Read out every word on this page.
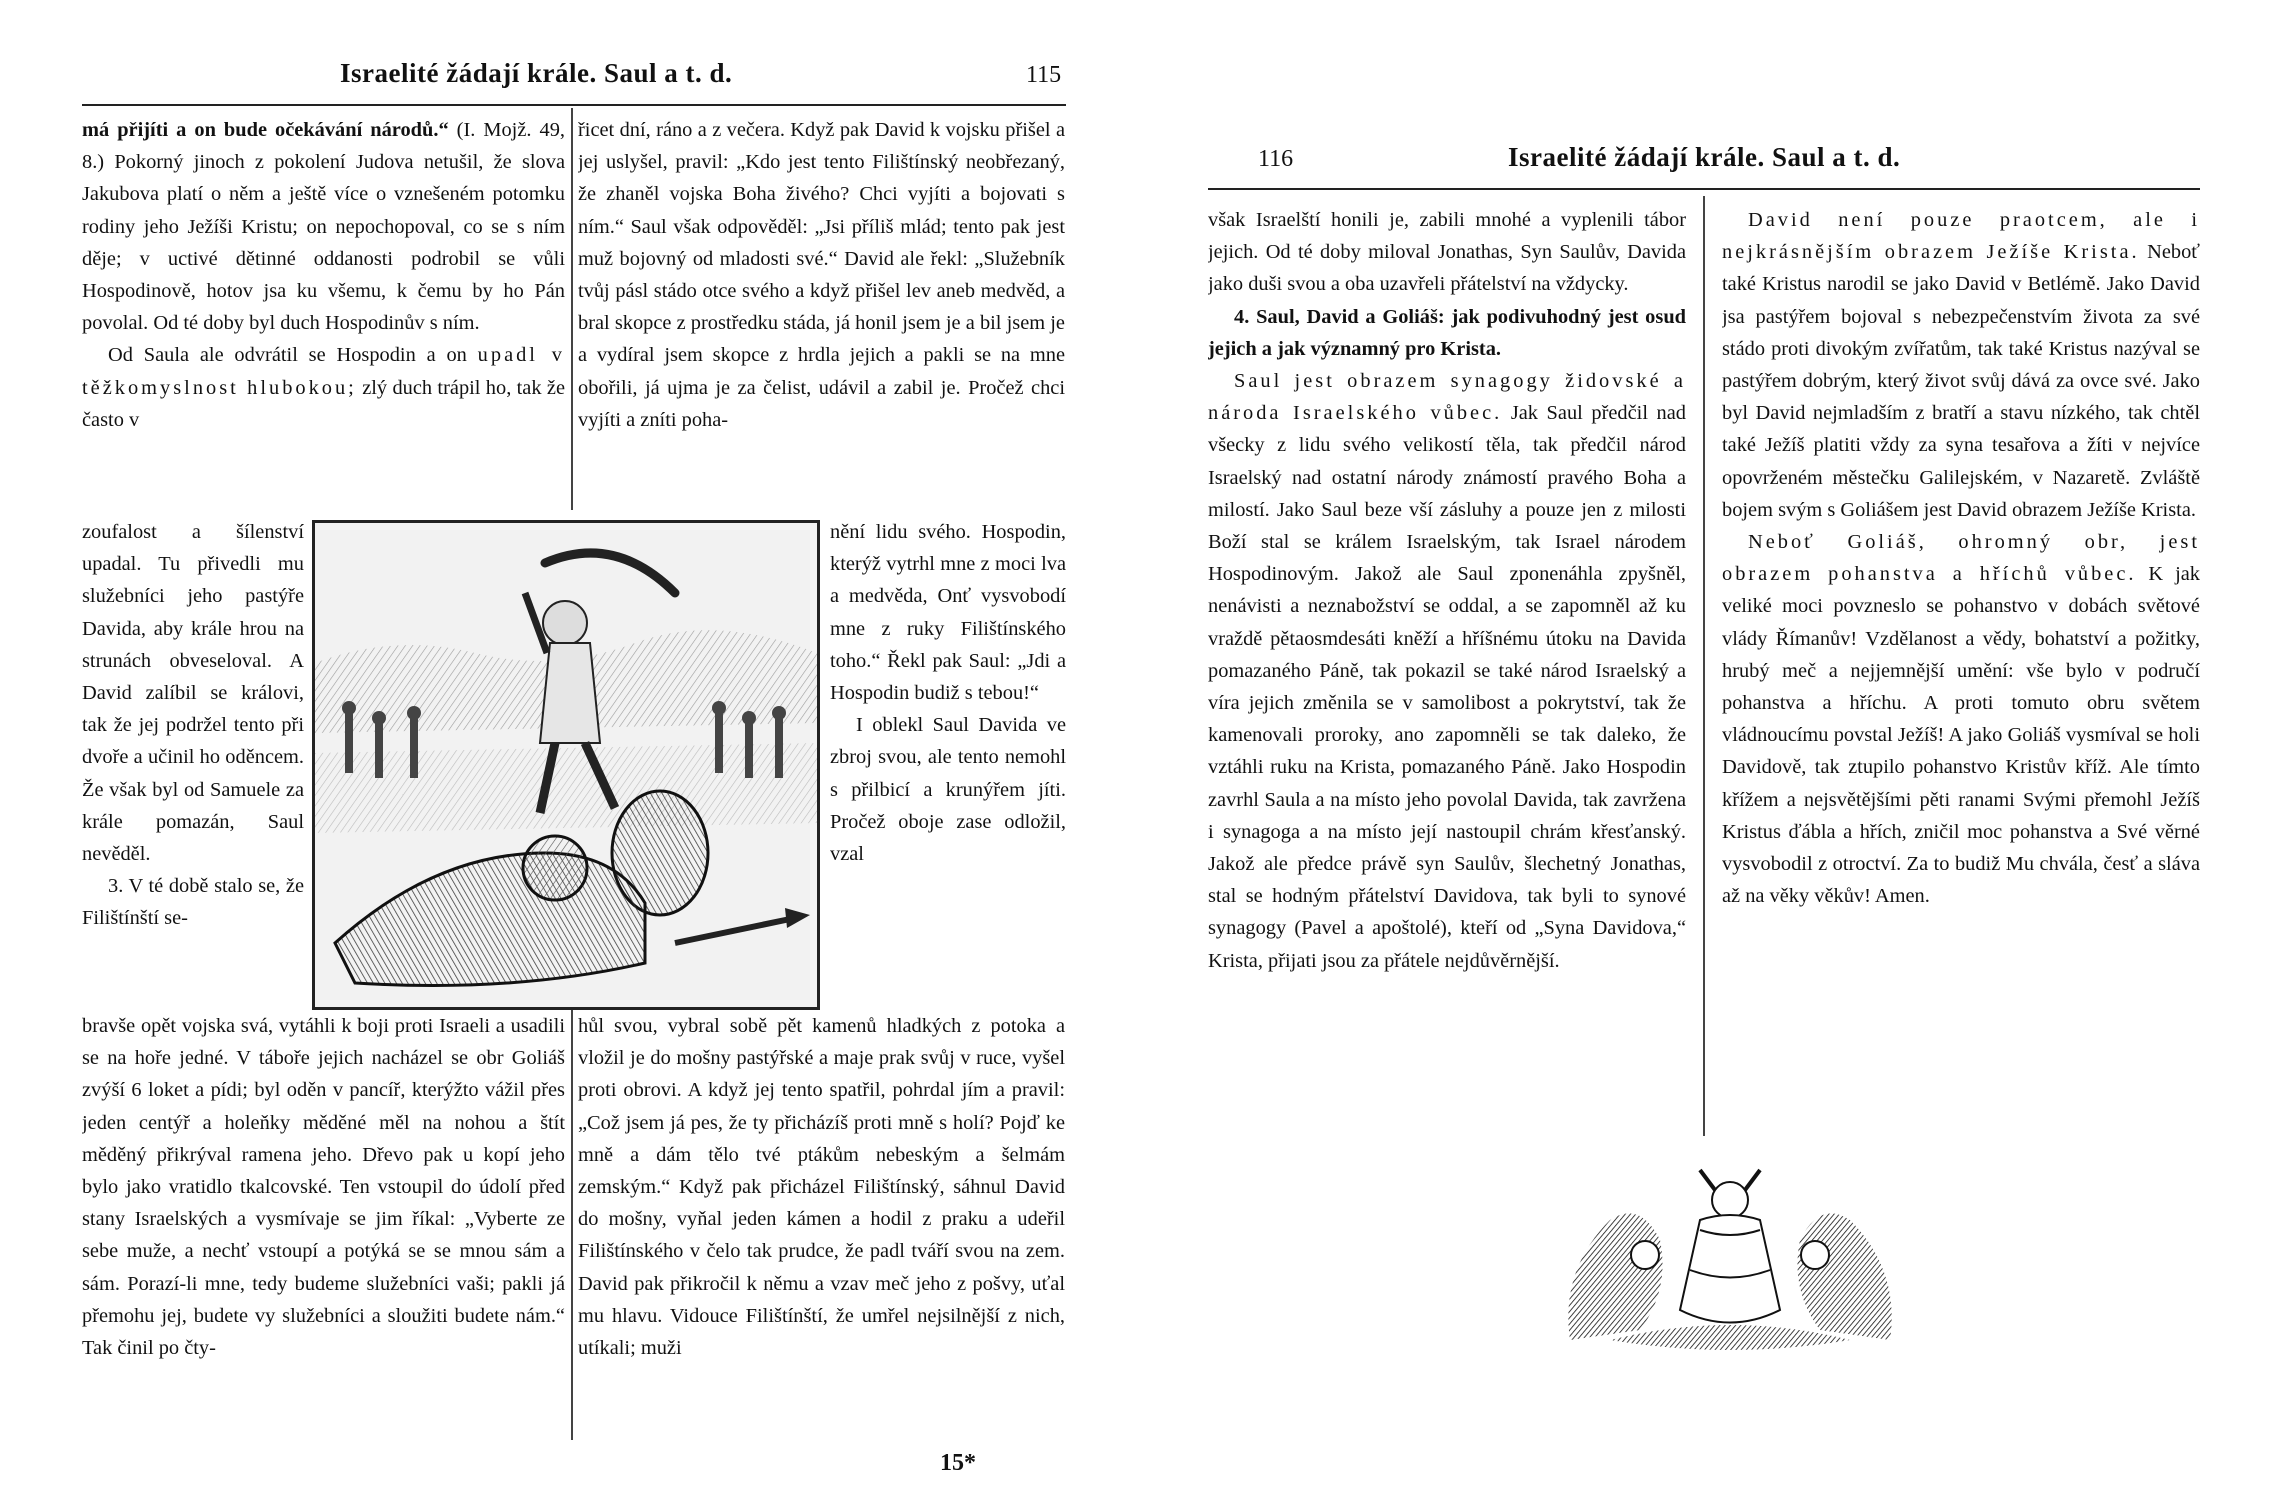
Israelité žádají krále. Saul a t. d.	115

má přijíti a on bude očekávání národů.“ (I. Mojž. 49, 8.) Pokorný jinoch z pokolení Judova netušil, že slova Jakubova platí o něm a ještě více o vznešeném potomku rodiny jeho Ježíši Kristu; on nepochopoval, co se s ním děje; v uctivé dětinné oddanosti podrobil se vůli Hospodinově, hotov jsa ku všemu, k čemu by ho Pán povolal. Od té doby byl duch Hospodinův s ním.

Od Saula ale odvrátil se Hospodin a on upadl v těžkomyslnost hlubokou; zlý duch trápil ho, tak že často v

řicet dní, ráno a z večera. Když pak David k vojsku přišel a jej uslyšel, pravil: „Kdo jest tento Filištínský neobřezaný, že zhaněl vojska Boha živého? Chci vyjíti a bojovati s ním.“ Saul však odpověděl: „Jsi příliš mlád; tento pak jest muž bojovný od mladosti své.“ David ale řekl: „Služebník tvůj pásl stádo otce svého a když přišel lev aneb medvěd, a bral skopce z prostředku stáda, já honil jsem je a bil jsem je a vydíral jsem skopce z hrdla jejich a pakli se na mne obořili, já ujma je za čelist, udávil a zabil je. Pročež chci vyjíti a zníti poha-

zoufalost a šílenství upadal. Tu přivedli mu služebníci jeho pastýře Davida, aby krále hrou na strunách obveseloval. A David zalíbil se královi, tak že jej podržel tento při dvoře a učinil ho oděncem. Že však byl od Samuele za krále pomazán, Saul nevěděl.

3. V té době stalo se, že Filištínští se-

nění lidu svého. Hospodin, kterýž vytrhl mne z moci lva a medvěda, Onť vysvobodí mne z ruky Filištínského toho.“ Řekl pak Saul: „Jdi a Hospodin budiž s tebou!“

I oblekl Saul Davida ve zbroj svou, ale tento nemohl s přilbicí a krunýřem jíti. Pročež oboje zase odložil, vzal

bravše opět vojska svá, vytáhli k boji proti Israeli a usadili se na hoře jedné. V táboře jejich nacházel se obr Goliáš zvýší 6 loket a pídi; byl oděn v pancíř, kterýžto vážil přes jeden centýř a holeňky měděné měl na nohou a štít měděný přikrýval ramena jeho. Dřevo pak u kopí jeho bylo jako vratidlo tkalcovské. Ten vstoupil do údolí před stany Israelských a vysmívaje se jim říkal: „Vyberte ze sebe muže, a nechť vstoupí a potýká se se mnou sám a sám. Porazí-li mne, tedy budeme služebníci vaši; pakli já přemohu jej, budete vy služebníci a sloužiti budete nám.“ Tak činil po čty-

hůl svou, vybral sobě pět kamenů hladkých z potoka a vložil je do mošny pastýřské a maje prak svůj v ruce, vyšel proti obrovi. A když jej tento spatřil, pohrdal jím a pravil: „Což jsem já pes, že ty přicházíš proti mně s holí? Pojď ke mně a dám tělo tvé ptákům nebeským a šelmám zemským.“ Když pak přicházel Filištínský, sáhnul David do mošny, vyňal jeden kámen a hodil z praku a udeřil Filištínského v čelo tak prudce, že padl tváří svou na zem. David pak přikročil k němu a vzav meč jeho z pošvy, uťal mu hlavu. Vidouce Filištínští, že umřel nejsilnější z nich, utíkali; muži

15*
116	Israelité žádají krále. Saul a t. d.

však Israelští honili je, zabili mnohé a vyplenili tábor jejich. Od té doby miloval Jonathas, Syn Saulův, Davida jako duši svou a oba uzavřeli přátelství na vždycky.

4. Saul, David a Goliáš: jak podivuhodný jest osud jejich a jak významný pro Krista.

Saul jest obrazem synagogy židovské a národa Israelského vůbec. Jak Saul předčil nad všecky z lidu svého velikostí těla, tak předčil národ Israelský nad ostatní národy známostí pravého Boha a milostí. Jako Saul beze vší zásluhy a pouze jen z milosti Boží stal se králem Israelským, tak Israel národem Hospodinovým. Jakož ale Saul zponenáhla zpyšněl, nenávisti a neznabožství se oddal, a se zapomněl až ku vraždě pětaosmdesáti kněží a hříšnému útoku na Davida pomazaného Páně, tak pokazil se také národ Israelský a víra jejich změnila se v samolibost a pokrytství, tak že kamenovali proroky, ano zapomněli se tak daleko, že vztáhli ruku na Krista, pomazaného Páně. Jako Hospodin zavrhl Saula a na místo jeho povolal Davida, tak zavržena i synagoga a na místo její nastoupil chrám křesťanský. Jakož ale předce právě syn Saulův, šlechetný Jonathas, stal se hodným přátelství Davidova, tak byli to synové synagogy (Pavel a apoštolé), kteří od „Syna Davidova,“ Krista, přijati jsou za přátele nejdůvěrnější.

David není pouze praotcem, ale i nejkrásnějším obrazem Ježíše Krista. Neboť také Kristus narodil se jako David v Betlémě. Jako David jsa pastýřem bojoval s nebezpečenstvím života za své stádo proti divokým zvířatům, tak také Kristus nazýval se pastýřem dobrým, který život svůj dává za ovce své. Jako byl David nejmladším z bratří a stavu nízkého, tak chtěl také Ježíš platiti vždy za syna tesařova a žíti v nejvíce opovrženém městečku Galilejském, v Nazaretě. Zvláště bojem svým s Goliášem jest David obrazem Ježíše Krista.

Neboť Goliáš, ohromný obr, jest obrazem pohanstva a hříchů vůbec. K jak veliké moci povzneslo se pohanstvo v dobách světové vlády Římanův! Vzdělanost a vědy, bohatství a požitky, hrubý meč a nejjemnější umění: vše bylo v područí pohanstva a hříchu. A proti tomuto obru světem vládnoucímu povstal Ježíš! A jako Goliáš vysmíval se holi Davidově, tak ztupilo pohanstvo Kristův kříž. Ale tímto křížem a nejsvětějšími pěti ranami Svými přemohl Ježíš Kristus ďábla a hřích, zničil moc pohanstva a Své věrné vysvobodil z otroctví. Za to budiž Mu chvála, česť a sláva až na věky věkův! Amen.
